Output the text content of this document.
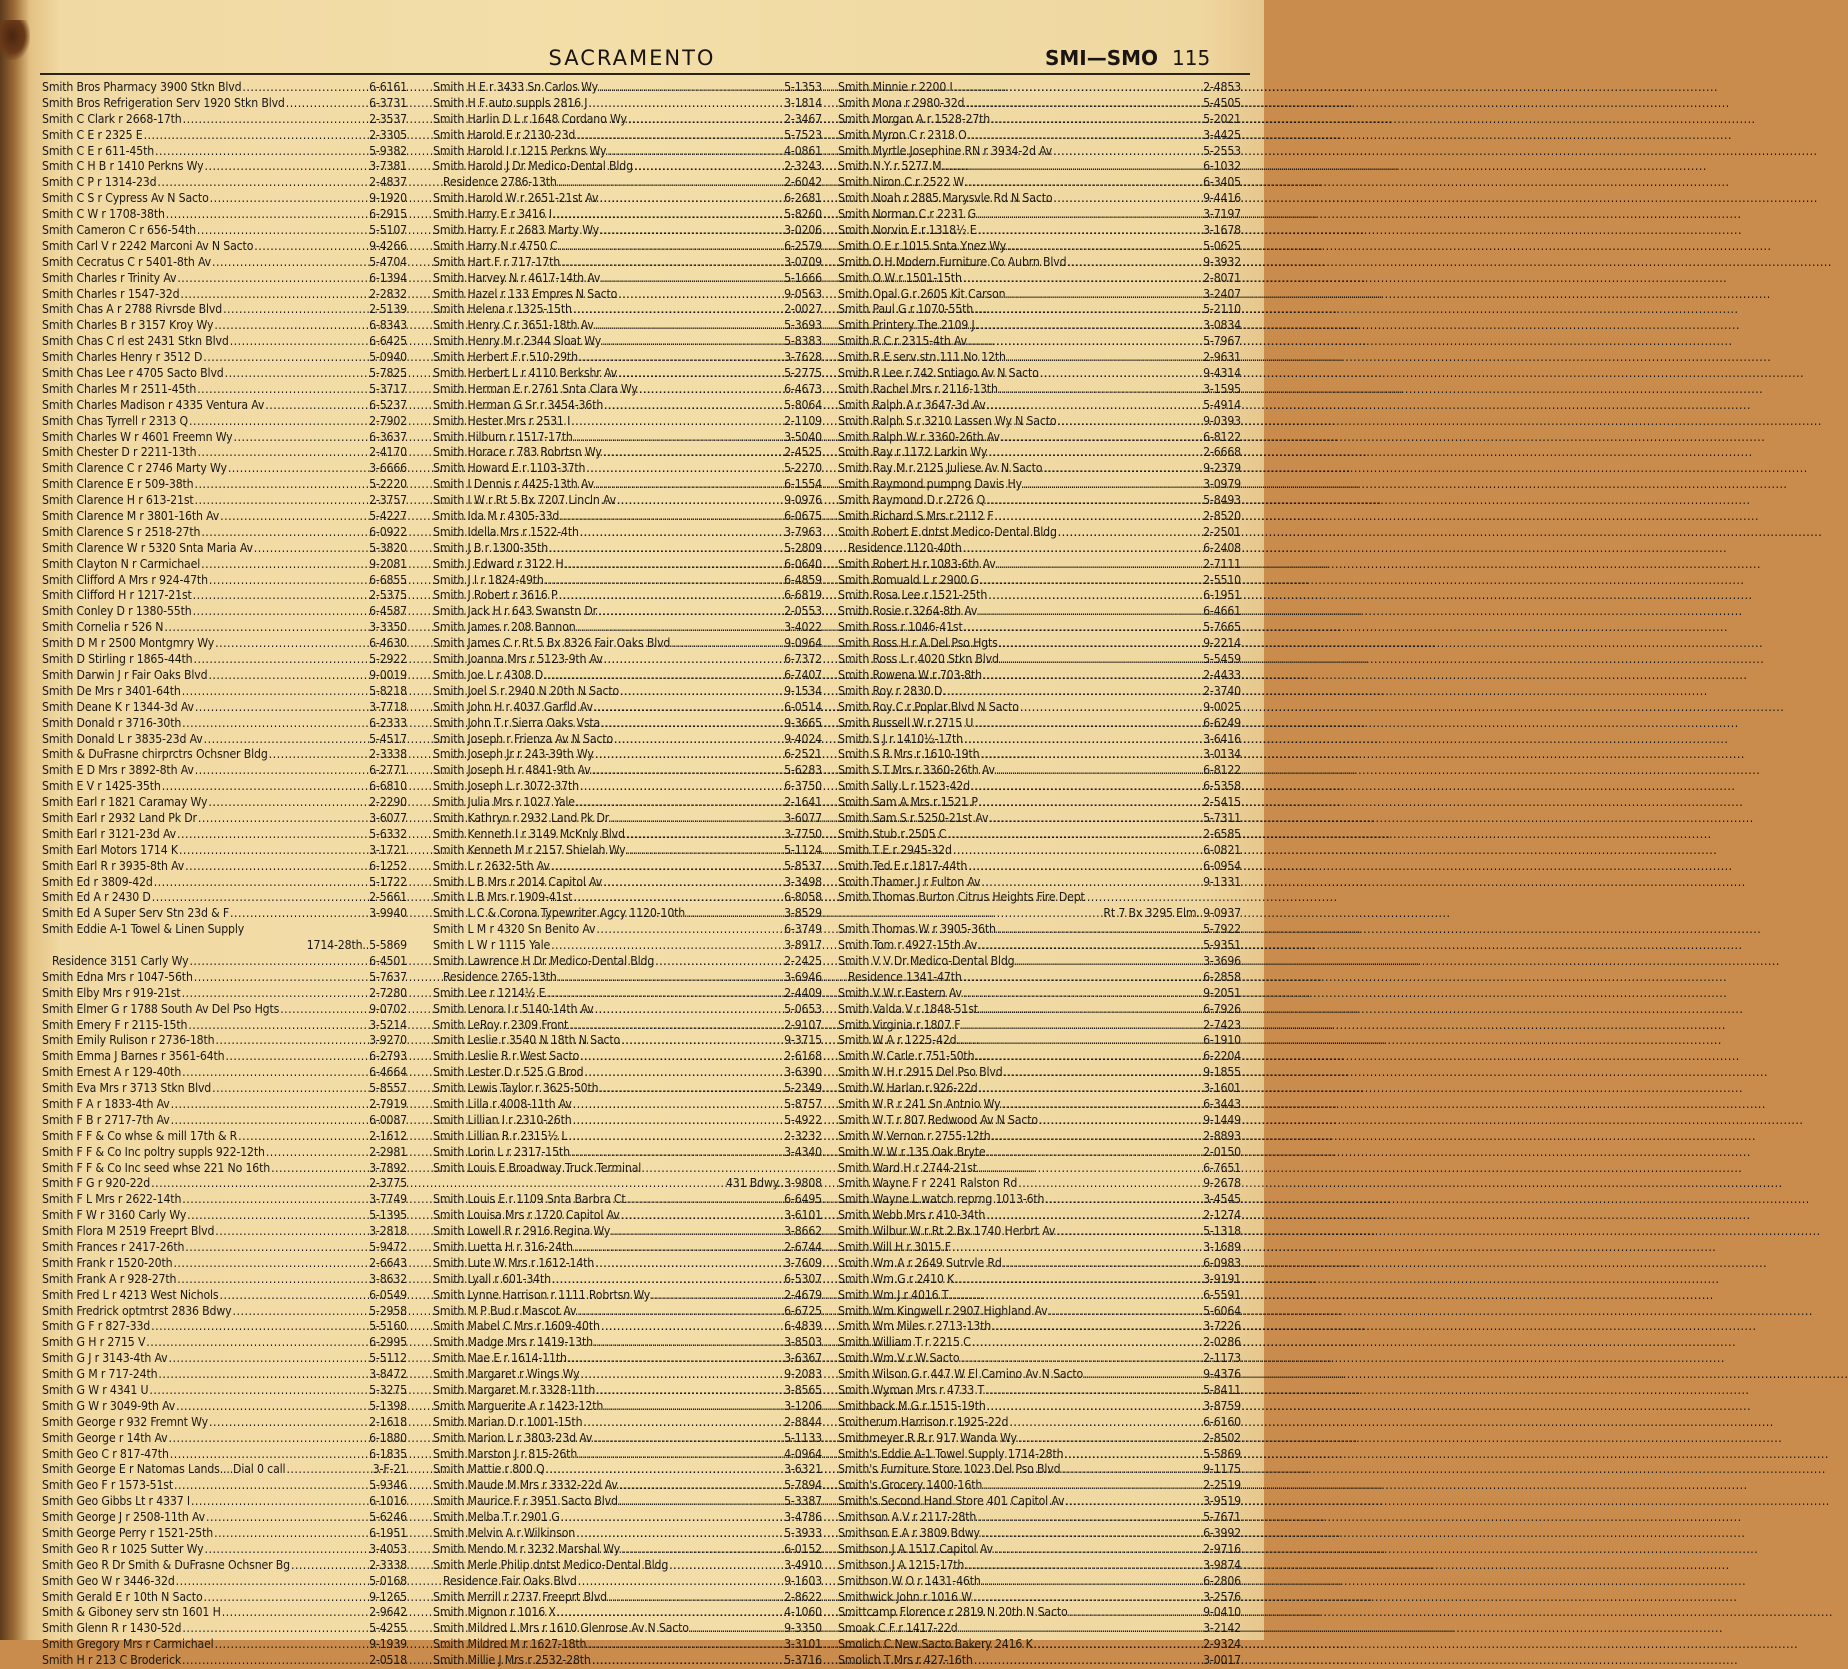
SACRAMENTO	SMI—SMO 115
Smith Bros Pharmacy 3900 Stkn Blvd .....	6-6161
Smith Bros Refrigeration Serv 1920 Stkn Blvd .....	6-3731
Smith C Clark r 2668-17th .....	2-3537
Smith C E r 2325 E .....	2-3305
Smith C E r 611-45th .....	5-9382
Smith C H B r 1410 Perkns Wy .....	3-7381
Smith C P r 1314-23d .....	2-4837
Smith C S r Cypress Av N Sacto .....	9-1920
Smith C W r 1708-38th .....	6-2915
Smith Cameron C r 656-54th .....	5-5107
Smith Carl V r 2242 Marconi Av N Sacto .....	9-4266
Smith Cecratus C r 5401-8th Av .....	5-4704
Smith Charles r Trinity Av .....	6-1394
Smith Charles r 1547-32d .....	2-2832
Smith Chas A r 2788 Rivrsde Blvd .....	2-5139
Smith Charles B r 3157 Kroy Wy .....	6-8343
Smith Chas C rl est 2431 Stkn Blvd .....	6-6425
Smith Charles Henry r 3512 D .....	5-0940
Smith Chas Lee r 4705 Sacto Blvd .....	5-7825
Smith Charles M r 2511-45th .....	5-3717
Smith Charles Madison r 4335 Ventura Av .....	6-5237
Smith Chas Tyrrell r 2313 Q .....	2-7902
Smith Charles W r 4601 Freemn Wy .....	6-3637
Smith Chester D r 2211-13th .....	2-4170
Smith Clarence C r 2746 Marty Wy .....	3-6666
Smith Clarence E r 509-38th .....	5-2220
Smith Clarence H r 613-21st .....	2-3757
Smith Clarence M r 3801-16th Av .....	5-4227
Smith Clarence S r 2518-27th .....	6-0922
Smith Clarence W r 5320 Snta Maria Av .....	5-3820
Smith Clayton N r Carmichael .....	9-2081
Smith Clifford A Mrs r 924-47th .....	6-6855
Smith Clifford H r 1217-21st .....	2-5375
Smith Conley D r 1380-55th .....	6-4587
Smith Cornelia r 526 N .....	3-3350
Smith D M r 2500 Montgmry Wy .....	6-4630
Smith D Stirling r 1865-44th .....	5-2922
Smith Darwin J r Fair Oaks Blvd .....	9-0019
Smith De Mrs r 3401-64th .....	5-8218
Smith Deane K r 1344-3d Av .....	3-7718
Smith Donald r 3716-30th .....	6-2333
Smith Donald L r 3835-23d Av .....	5-4517
Smith & DuFrasne chirprctrs Ochsner Bldg .....	2-3338
Smith E D Mrs r 3892-8th Av .....	6-2771
Smith E V r 1425-35th .....	6-6810
Smith Earl r 1821 Caramay Wy .....	2-2290
Smith Earl r 2932 Land Pk Dr .....	3-6077
Smith Earl r 3121-23d Av .....	5-6332
Smith Earl Motors 1714 K .....	3-1721
Smith Earl R r 3935-8th Av .....	6-1252
Smith Ed r 3809-42d .....	5-1722
Smith Ed A r 2430 D .....	2-5661
Smith Ed A Super Serv Stn 23d & F .....	3-9940
Smith Eddie A-1 Towel & Linen Supply
1714-28th..5-5869
Residence 3151 Carly Wy .....	6-4501
Smith Edna Mrs r 1047-56th .....	5-7637
Smith Elby Mrs r 919-21st .....	2-7280
Smith Elmer G r 1788 South Av Del Pso Hgts .....	9-0702
Smith Emery F r 2115-15th .....	3-5214
Smith Emily Rulison r 2736-18th .....	3-9270
Smith Emma J Barnes r 3561-64th .....	6-2793
Smith Ernest A r 129-40th .....	6-4664
Smith Eva Mrs r 3713 Stkn Blvd .....	5-8557
Smith F A r 1833-4th Av .....	2-7919
Smith F B r 2717-7th Av .....	6-0087
Smith F F & Co whse & mill 17th & R .....	2-1612
Smith F F & Co Inc poltry suppls 922-12th .....	2-2981
Smith F F & Co Inc seed whse 221 No 16th .....	3-7892
Smith F G r 920-22d .....	2-3775
Smith F L Mrs r 2622-14th .....	3-7749
Smith F W r 3160 Carly Wy .....	5-1395
Smith Flora M 2519 Freeprt Blvd .....	3-2818
Smith Frances r 2417-26th .....	5-9472
Smith Frank r 1520-20th .....	2-6643
Smith Frank A r 928-27th .....	3-8632
Smith Fred L r 4213 West Nichols .....	6-0549
Smith Fredrick optmtrst 2836 Bdwy .....	5-2958
Smith G F r 827-33d .....	5-5160
Smith G H r 2715 V .....	6-2995
Smith G J r 3143-4th Av .....	5-5112
Smith G M r 717-24th .....	3-8472
Smith G W r 4341 U .....	5-3275
Smith G W r 3049-9th Av .....	5-1398
Smith George r 932 Fremnt Wy .....	2-1618
Smith George r 14th Av .....	6-1880
Smith Geo C r 817-47th .....	6-1835
Smith George E r Natomas Lands....Dial 0 call .....	3-F-21
Smith Geo F r 1573-51st .....	5-9346
Smith Geo Gibbs Lt r 4337 I .....	6-1016
Smith George J r 2508-11th Av .....	5-6246
Smith George Perry r 1521-25th .....	6-1951
Smith Geo R r 1025 Sutter Wy .....	3-4053
Smith Geo R Dr Smith & DuFrasne Ochsner Bg .....	2-3338
Smith Geo W r 3446-32d .....	5-0168
Smith Gerald E r 10th N Sacto .....	9-1265
Smith & Giboney serv stn 1601 H .....	2-9642
Smith Glenn R r 1430-52d .....	5-4255
Smith Gregory Mrs r Carmichael .....	9-1939
Smith H r 213 C Broderick .....	2-0518
Smith H E r 3433 Sn Carlos Wy .....	5-1353
Smith H F auto suppls 2816 J .....	3-1814
Smith Harlin D L r 1648 Cordano Wy .....	2-3467
Smith Harold E r 2130-23d .....	5-7523
Smith Harold I r 1215 Perkns Wy .....	4-0861
Smith Harold J Dr Medico-Dental Bldg .....	2-3243
Residence 2786-13th .....	2-6042
Smith Harold W r 2651-21st Av .....	6-2681
Smith Harry E r 3416 I .....	5-8260
Smith Harry F r 2683 Marty Wy .....	3-0206
Smith Harry N r 4750 C .....	6-2579
Smith Hart F r 717-17th .....	3-0709
Smith Harvey N r 4617-14th Av .....	5-1666
Smith Hazel r 133 Empres N Sacto .....	9-0563
Smith Helena r 1325-15th .....	2-0027
Smith Henry C r 3651-18th Av .....	5-3693
Smith Henry M r 2344 Sloat Wy .....	5-8383
Smith Herbert F r 510-29th .....	3-7628
Smith Herbert L r 4110 Berkshr Av .....	5-2775
Smith Herman E r 2761 Snta Clara Wy .....	6-4673
Smith Herman G Sr r 3454-36th .....	5-8064
Smith Hester Mrs r 2531 I .....	2-1109
Smith Hilburn r 1517-17th .....	3-5040
Smith Horace r 783 Robrtsn Wy .....	2-4525
Smith Howard E r 1103-37th .....	5-2270
Smith I Dennis r 4425-13th Av .....	6-1554
Smith I W r Rt 5 Bx 7207 Lincln Av .....	9-0976
Smith Ida M r 4305-33d .....	6-0675
Smith Idella Mrs r 1522-4th .....	3-7963
Smith J B r 1300-35th .....	5-2809
Smith J Edward r 3122 H .....	6-0640
Smith J I r 1824-49th .....	6-4859
Smith J Robert r 3616 P .....	6-6819
Smith Jack H r 643 Swanstn Dr .....	2-0553
Smith James r 208 Bannon .....	3-4022
Smith James C r Rt 5 Bx 8326 Fair Oaks Blvd .....	9-0964
Smith Joanna Mrs r 5123-9th Av .....	6-7372
Smith Joe L r 4308 D .....	6-7407
Smith Joel S r 2940 N 20th N Sacto .....	9-1534
Smith John H r 4037 Garfld Av .....	6-0514
Smith John T r Sierra Oaks Vsta .....	9-3665
Smith Joseph r Frienza Av N Sacto .....	9-4024
Smith Joseph Jr r 243-39th Wy .....	6-2521
Smith Joseph H r 4841-9th Av .....	5-6283
Smith Joseph L r 3072-37th .....	6-3750
Smith Julia Mrs r 1027 Yale .....	2-1641
Smith Kathryn r 2932 Land Pk Dr .....	3-6077
Smith Kenneth I r 3149 McKnly Blvd .....	3-7750
Smith Kenneth M r 2157 Shielah Wy .....	5-1124
Smith L r 2632-5th Av .....	5-8537
Smith L B Mrs r 2014 Capitol Av .....	3-3498
Smith L B Mrs r 1909-41st .....	6-8058
Smith L C & Corona Typewriter Agcy 1120-10th .....	3-8529
Smith L M r 4320 Sn Benito Av .....	6-3749
Smith L W r 1115 Yale .....	3-8917
Smith Lawrence H Dr Medico-Dental Bldg .....	2-2425
Residence 2765-13th .....	3-6946
Smith Lee r 1214½ E .....	2-4409
Smith Lenora I r 5140-14th Av .....	5-0653
Smith LeRoy r 2309 Front .....	2-9107
Smith Leslie r 3540 N 18th N Sacto .....	9-3715
Smith Leslie R r West Sacto .....	2-6168
Smith Lester D r 525 G Brod .....	3-6390
Smith Lewis Taylor r 3625-50th .....	5-2349
Smith Lilla r 4008-11th Av .....	5-8757
Smith Lillian I r 2310-26th .....	5-4922
Smith Lillian R r 2315½ L .....	2-3232
Smith Lorin L r 2317-15th .....	3-4340
Smith Louis E Broadway Truck Terminal
431 Bdwy..3-9808
Smith Louis E r 1109 Snta Barbra Ct .....	6-6495
Smith Louisa Mrs r 1720 Capitol Av .....	3-6101
Smith Lowell R r 2916 Regina Wy .....	3-8662
Smith Luetta H r 316-24th .....	2-6744
Smith Lute W Mrs r 1612-14th .....	3-7609
Smith Lyall r 601-34th .....	6-5307
Smith Lynne Harrison r 1111 Robrtsn Wy .....	2-4679
Smith M P Bud r Mascot Av .....	6-6725
Smith Mabel C Mrs r 1609-40th .....	6-4839
Smith Madge Mrs r 1419-13th .....	3-8503
Smith Mae E r 1614-11th .....	3-6367
Smith Margaret r Wings Wy .....	9-2083
Smith Margaret M r 3328-11th .....	3-8565
Smith Marguerite A r 1423-12th .....	3-1206
Smith Marian D r 1001-15th .....	2-8844
Smith Marion L r 3803-23d Av .....	5-1133
Smith Marston J r 815-26th .....	4-0964
Smith Mattie r 800 Q .....	3-6321
Smith Maude M Mrs r 3332-22d Av .....	5-7894
Smith Maurice F r 3951 Sacto Blvd .....	5-3387
Smith Melba T r 2901 G .....	3-4786
Smith Melvin A r Wilkinson .....	5-3933
Smith Mendo M r 3232 Marshal Wy .....	6-0152
Smith Merle Philip dntst Medico-Dental Bldg .....	3-4910
Residence Fair Oaks Blvd .....	9-1603
Smith Merrill r 2737 Freeprt Blvd .....	2-8622
Smith Mignon r 1016 X .....	4-1060
Smith Mildred L Mrs r 1610 Glenrose Av N Sacto .....	9-3350
Smith Mildred M r 1627-18th .....	3-3101
Smith Millie J Mrs r 2532-28th .....	5-3716
Smith Minnie r 2200 I .....	2-4853
Smith Mona r 2980-32d .....	5-4505
Smith Morgan A r 1528-27th .....	5-2021
Smith Myron C r 2318 O .....	3-4425
Smith Myrtle Josephine RN r 3934-2d Av .....	5-2553
Smith N Y r 5277 M .....	6-1032
Smith Niron C r 2522 W .....	6-3405
Smith Noah r 2885 Marysvle Rd N Sacto .....	9-4416
Smith Norman C r 2231 G .....	3-7197
Smith Norvin E r 1318½ E .....	3-1678
Smith O E r 1015 Snta Ynez Wy .....	5-0625
Smith O H Modern Furniture Co Aubrn Blvd .....	9-3932
Smith O W r 1501-15th .....	2-8071
Smith Opal G r 2605 Kit Carson .....	3-2407
Smith Paul G r 1070-55th .....	5-2110
Smith Printery The 2109 J .....	3-0834
Smith R C r 2315-4th Av .....	5-7967
Smith R E serv stn 111 No 12th .....	2-9631
Smith R Lee r 742 Sntiago Av N Sacto .....	9-4314
Smith Rachel Mrs r 2116-13th .....	3-1595
Smith Ralph A r 3647-3d Av .....	5-4914
Smith Ralph S r 3210 Lassen Wy N Sacto .....	9-0393
Smith Ralph W r 3360-26th Av .....	6-8122
Smith Ray r 1172 Larkin Wy .....	2-6668
Smith Ray M r 2125 Juliese Av N Sacto .....	9-2379
Smith Raymond pumpng Davis Hy .....	3-0979
Smith Raymond D r 2726 Q .....	5-8493
Smith Richard S Mrs r 2112 F .....	2-8520
Smith Robert E dntst Medico-Dental Bldg .....	2-2501
Residence 1120-40th .....	6-2408
Smith Robert H r 1083-6th Av .....	2-7111
Smith Romuald L r 2900 G .....	2-5510
Smith Rosa Lee r 1521-25th .....	6-1951
Smith Rosie r 3264-8th Av .....	6-4661
Smith Ross r 1046-41st .....	5-7665
Smith Ross H r A Del Pso Hgts .....	9-2214
Smith Ross L r 4020 Stkn Blvd .....	5-5459
Smith Rowena W r 703-8th .....	2-4433
Smith Roy r 2830 D .....	2-3740
Smith Roy C r Poplar Blvd N Sacto .....	9-0025
Smith Russell W r 2715 U .....	6-6249
Smith S J r 1410½-17th .....	3-6416
Smith S R Mrs r 1610-19th .....	3-0134
Smith S T Mrs r 3360-26th Av .....	6-8122
Smith Sally L r 1523-42d .....	6-5358
Smith Sam A Mrs r 1521 P .....	2-5415
Smith Sam S r 5250-21st Av .....	5-7311
Smith Stub r 2505 C .....	2-6585
Smith T E r 2945-32d .....	6-0821
Smith Ted E r 1817-44th .....	6-0954
Smith Thamer J r Fulton Av .....	9-1331
Smith Thomas Burton Citrus Heights Fire Dept
Rt 7 Bx 3295 Elm..9-0937
Smith Thomas W r 3905-36th .....	5-7922
Smith Tom r 4927-15th Av .....	5-9351
Smith V V Dr Medico-Dental Bldg .....	3-3696
Residence 1341-47th .....	6-2858
Smith V W r Eastern Av .....	9-2051
Smith Valda V r 1848-51st .....	6-7926
Smith Virginia r 1807 F .....	2-7423
Smith W A r 1225-42d .....	6-1910
Smith W Carle r 751-50th .....	6-2204
Smith W H r 2915 Del Pso Blvd .....	9-1855
Smith W Harlan r 926-22d .....	3-1601
Smith W R r 241 Sn Antnio Wy .....	6-3443
Smith W T r 807 Redwood Av N Sacto .....	9-1449
Smith W Vernon r 2755-12th .....	2-8893
Smith W W r 135 Oak Bryte .....	2-0150
Smith Ward H r 2744-21st .....	6-7651
Smith Wayne F r 2241 Ralston Rd .....	9-2678
Smith Wayne L watch reprng 1013-6th .....	3-4545
Smith Webb Mrs r 410-34th .....	2-1274
Smith Wilbur W r Rt 2 Bx 1740 Herbrt Av .....	5-1318
Smith Will H r 3015 F .....	3-1689
Smith Wm A r 2649 Sutrvle Rd .....	6-0983
Smith Wm G r 2410 K .....	3-9191
Smith Wm J r 4016 T .....	6-5591
Smith Wm Kingwell r 2907 Highland Av .....	5-6064
Smith Wm Miles r 2713-13th .....	3-7226
Smith William T r 2215 C .....	2-0286
Smith Wm V r W Sacto .....	2-1173
Smith Wilson G r 447 W El Camino Av N Sacto .....	9-4376
Smith Wyman Mrs r 4733 T .....	5-8411
Smithback M G r 1515-19th .....	3-8759
Smitherum Harrison r 1925-22d .....	6-6160
Smithmeyer R R r 917 Wanda Wy .....	2-8502
Smith's Eddie A-1 Towel Supply 1714-28th .....	5-5869
Smith's Furniture Store 1023 Del Pso Blvd .....	9-1175
Smith's Grocery 1400-16th .....	2-2519
Smith's Second Hand Store 401 Capitol Av .....	3-9519
Smithson A V r 2117-28th .....	5-7671
Smithson E A r 3809 Bdwy .....	6-3992
Smithson J A 1517 Capitol Av .....	2-9716
Smithson J A 1215-17th .....	3-9874
Smithson W O r 1431-46th .....	6-2806
Smithwick John r 1016 W .....	3-2576
Smittcamp Florence r 2819 N 20th N Sacto .....	9-0410
Smoak C F r 1417-22d .....	3-2142
Smolich C New Sacto Bakery 2416 K .....	2-9324
Smolich T Mrs r 427-16th .....	3-0017
